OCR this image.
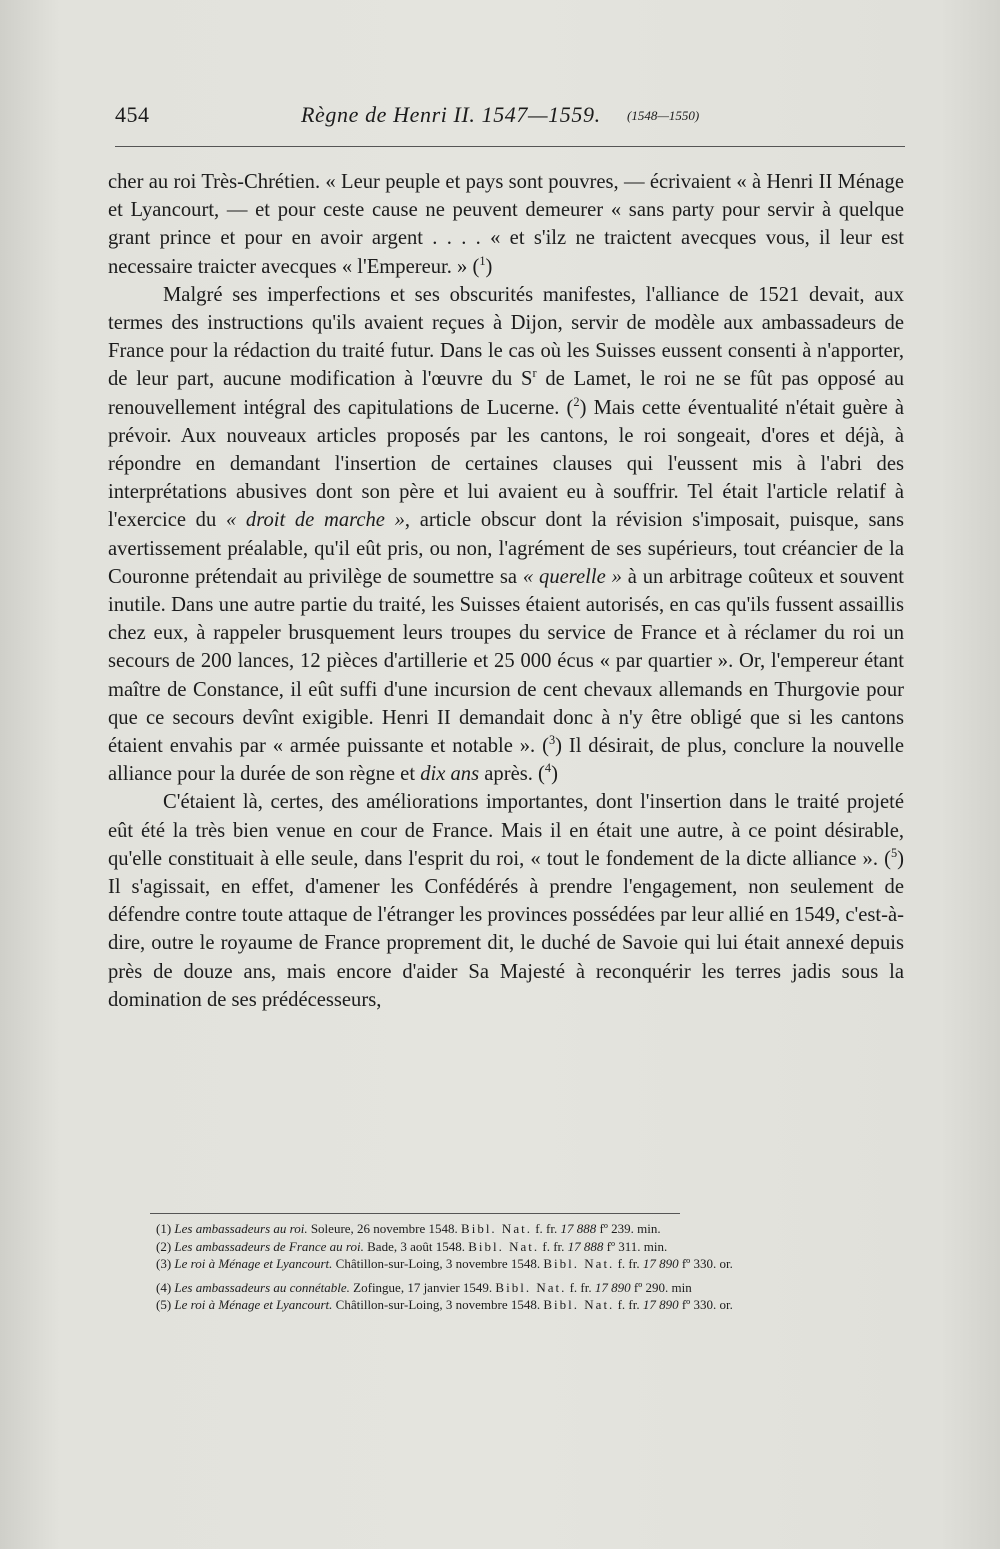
454	Règne de Henri II. 1547—1559. (1548—1550)

cher au roi Très-Chrétien. « Leur peuple et pays sont pouvres, — écrivaient « à Henri II Ménage et Lyancourt, — et pour ceste cause ne peuvent demeurer « sans party pour servir à quelque grant prince et pour en avoir argent . . . . « et s'ilz ne traictent avecques vous, il leur est necessaire traicter avecques « l'Empereur. » ($^1$)

Malgré ses imperfections et ses obscurités manifestes, l'alliance de 1521 devait, aux termes des instructions qu'ils avaient reçues à Dijon, servir de modèle aux ambassadeurs de France pour la rédaction du traité futur. Dans le cas où les Suisses eussent consenti à n'apporter, de leur part, aucune modification à l'œuvre du $S^r$ de Lamet, le roi ne se fût pas opposé au renouvellement intégral des capitulations de Lucerne. ($^2$) Mais cette éventualité n'était guère à prévoir. Aux nouveaux articles proposés par les cantons, le roi songeait, d'ores et déjà, à répondre en demandant l'insertion de certaines clauses qui l'eussent mis à l'abri des interprétations abusives dont son père et lui avaient eu à souffrir. Tel était l'article relatif à l'exercice du « droit de marche », article obscur dont la révision s'imposait, puisque, sans avertissement préalable, qu'il eût pris, ou non, l'agrément de ses supérieurs, tout créancier de la Couronne prétendait au privilège de soumettre sa « querelle » à un arbitrage coûteux et souvent inutile. Dans une autre partie du traité, les Suisses étaient autorisés, en cas qu'ils fussent assaillis chez eux, à rappeler brusquement leurs troupes du service de France et à réclamer du roi un secours de 200 lances, 12 pièces d'artillerie et 25 000 écus « par quartier ». Or, l'empereur étant maître de Constance, il eût suffi d'une incursion de cent chevaux allemands en Thurgovie pour que ce secours devînt exigible. Henri II demandait donc à n'y être obligé que si les cantons étaient envahis par « armée puissante et notable ». ($^3$) Il désirait, de plus, conclure la nouvelle alliance pour la durée de son règne et dix ans après. ($^4$)

C'étaient là, certes, des améliorations importantes, dont l'insertion dans le traité projeté eût été la très bien venue en cour de France. Mais il en était une autre, à ce point désirable, qu'elle constituait à elle seule, dans l'esprit du roi, « tout le fondement de la dicte alliance ». ($^5$) Il s'agissait, en effet, d'amener les Confédérés à prendre l'engagement, non seulement de défendre contre toute attaque de l'étranger les provinces possédées par leur allié en 1549, c'est-à-dire, outre le royaume de France proprement dit, le duché de Savoie qui lui était annexé depuis près de douze ans, mais encore d'aider Sa Majesté à reconquérir les terres jadis sous la domination de ses prédécesseurs,

(1) Les ambassadeurs au roi. Soleure, 26 novembre 1548. Bibl. Nat. f. fr. 17 888 fº 239. min.

(2) Les ambassadeurs de France au roi. Bade, 3 août 1548. Bibl. Nat. f. fr. 17 888 fº 311. min.

(3) Le roi à Ménage et Lyancourt. Châtillon-sur-Loing, 3 novembre 1548. Bibl. Nat. f. fr. 17 890 fº 330. or.

(4) Les ambassadeurs au connétable. Zofingue, 17 janvier 1549. Bibl. Nat. f. fr. 17 890 fº 290. min

(5) Le roi à Ménage et Lyancourt. Châtillon-sur-Loing, 3 novembre 1548. Bibl. Nat. f. fr. 17 890 fº 330. or.
